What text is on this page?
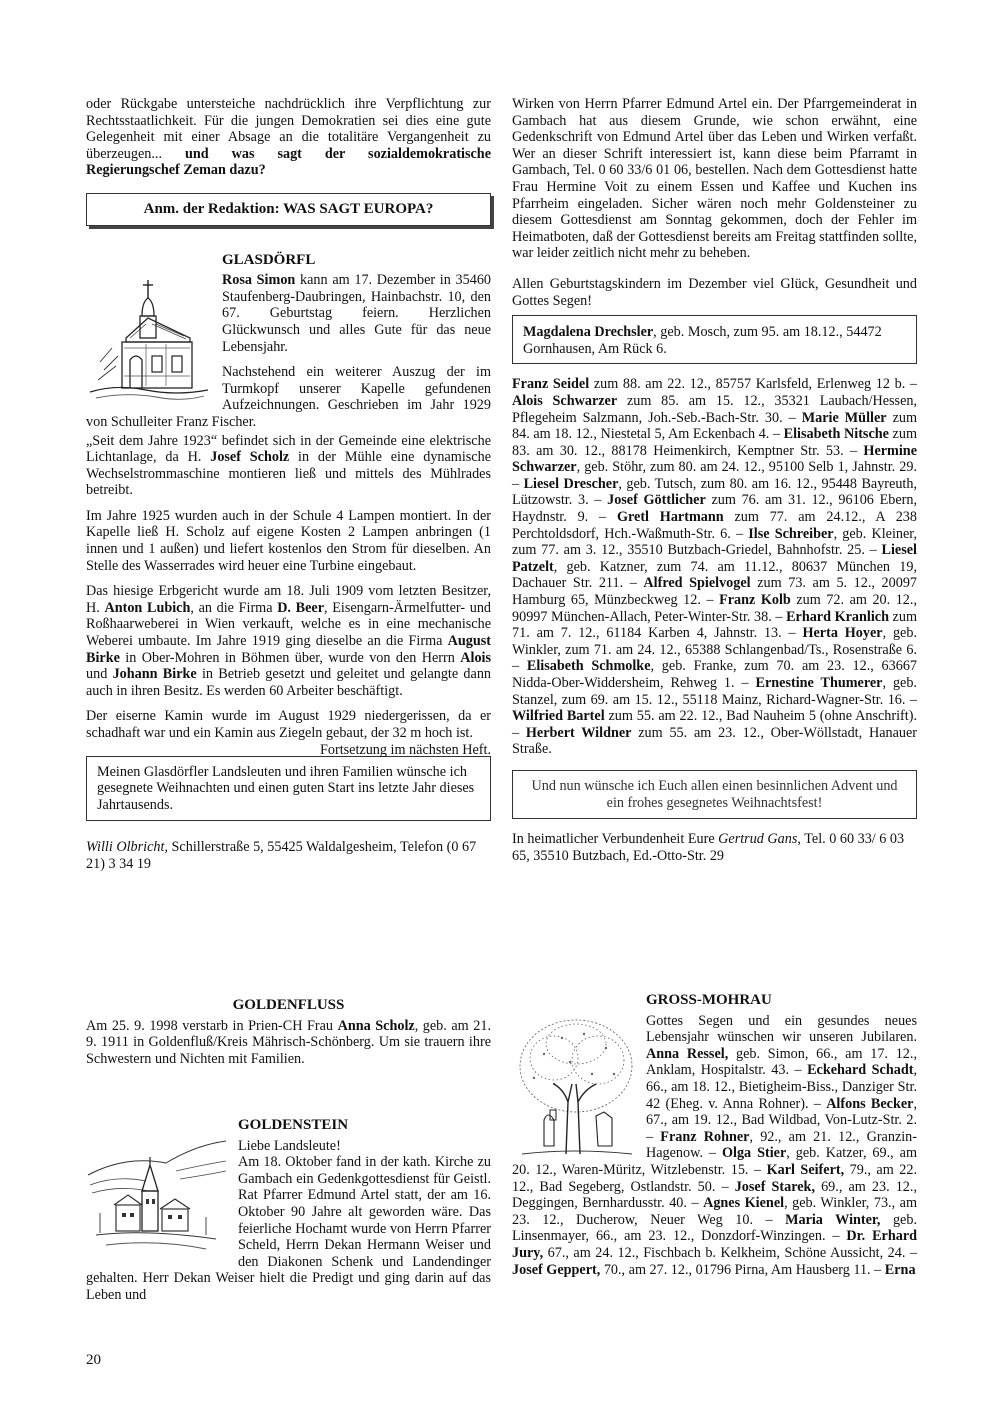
oder Rückgabe untersteiche nachdrücklich ihre Verpflichtung zur Rechtsstaatlichkeit. Für die jungen Demokratien sei dies eine gute Gelegenheit mit einer Absage an die totalitäre Vergangenheit zu überzeugen... und was sagt der sozialdemokratische Regierungschef Zeman dazu?

Anm. der Redaktion: WAS SAGT EUROPA?
GLASDÖRFL

Rosa Simon kann am 17. Dezember in 35460 Staufenberg-Daubringen, Hainbachstr. 10, den 67. Geburtstag feiern. Herzlichen Glückwunsch und alles Gute für das neue Lebensjahr.

Nachstehend ein weiterer Auszug der im Turmkopf unserer Kapelle gefundenen Aufzeichnungen. Geschrieben im Jahr 1929 von Schulleiter Franz Fischer.

„Seit dem Jahre 1923“ befindet sich in der Gemeinde eine elektrische Lichtanlage, da H. Josef Scholz in der Mühle eine dynamische Wechselstrommaschine montieren ließ und mittels des Mühlrades betreibt.

Im Jahre 1925 wurden auch in der Schule 4 Lampen montiert. In der Kapelle ließ H. Scholz auf eigene Kosten 2 Lampen anbringen (1 innen und 1 außen) und liefert kostenlos den Strom für dieselben. An Stelle des Wasserrades wird heuer eine Turbine eingebaut.

Das hiesige Erbgericht wurde am 18. Juli 1909 vom letzten Besitzer, H. Anton Lubich, an die Firma D. Beer, Eisengarn-Ärmelfutter- und Roßhaarweberei in Wien verkauft, welche es in eine mechanische Weberei umbaute. Im Jahre 1919 ging dieselbe an die Firma August Birke in Ober-Mohren in Böhmen über, wurde von den Herrn Alois und Johann Birke in Betrieb gesetzt und geleitet und gelangte dann auch in ihren Besitz. Es werden 60 Arbeiter beschäftigt.

Der eiserne Kamin wurde im August 1929 niedergerissen, da er schadhaft war und ein Kamin aus Ziegeln gebaut, der 32 m hoch ist.
Fortsetzung im nächsten Heft.

Meinen Glasdörfler Landsleuten und ihren Familien wünsche ich gesegnete Weihnachten und einen guten Start ins letzte Jahr dieses Jahrtausends.

Willi Olbricht, Schillerstraße 5, 55425 Waldalgesheim, Telefon (0 67 21) 3 34 19

GOLDENFLUSS

Am 25. 9. 1998 verstarb in Prien-CH Frau Anna Scholz, geb. am 21. 9. 1911 in Goldenfluß/Kreis Mährisch-Schönberg. Um sie trauern ihre Schwestern und Nichten mit Familien.

GOLDENSTEIN

Liebe Landsleute!

Am 18. Oktober fand in der kath. Kirche zu Gambach ein Gedenkgottesdienst für Geistl. Rat Pfarrer Edmund Artel statt, der am 16. Oktober 90 Jahre alt geworden wäre. Das feierliche Hochamt wurde von Herrn Pfarrer Scheld, Herrn Dekan Hermann Weiser und den Diakonen Schenk und Landendinger gehalten. Herr Dekan Weiser hielt die Predigt und ging darin auf das Leben und

Wirken von Herrn Pfarrer Edmund Artel ein. Der Pfarrgemeinderat in Gambach hat aus diesem Grunde, wie schon erwähnt, eine Gedenkschrift von Edmund Artel über das Leben und Wirken verfaßt. Wer an dieser Schrift interessiert ist, kann diese beim Pfarramt in Gambach, Tel. 0 60 33/6 01 06, bestellen. Nach dem Gottesdienst hatte Frau Hermine Voit zu einem Essen und Kaffee und Kuchen ins Pfarrheim eingeladen. Sicher wären noch mehr Goldensteiner zu diesem Gottesdienst am Sonntag gekommen, doch der Fehler im Heimatboten, daß der Gottesdienst bereits am Freitag stattfinden sollte, war leider zeitlich nicht mehr zu beheben.

Allen Geburtstagskindern im Dezember viel Glück, Gesundheit und Gottes Segen!

Magdalena Drechsler, geb. Mosch, zum 95. am 18.12., 54472 Gornhausen, Am Rück 6.

Franz Seidel zum 88. am 22. 12., 85757 Karlsfeld, Erlenweg 12 b. – Alois Schwarzer zum 85. am 15. 12., 35321 Laubach/Hessen, Pflegeheim Salzmann, Joh.-Seb.-Bach-Str. 30. – Marie Müller zum 84. am 18. 12., Niestetal 5, Am Eckenbach 4. – Elisabeth Nitsche zum 83. am 30. 12., 88178 Heimenkirch, Kemptner Str. 53. – Hermine Schwarzer, geb. Stöhr, zum 80. am 24. 12., 95100 Selb 1, Jahnstr. 29. – Liesel Drescher, geb. Tutsch, zum 80. am 16. 12., 95448 Bayreuth, Lützowstr. 3. – Josef Göttlicher zum 76. am 31. 12., 96106 Ebern, Haydnstr. 9. – Gretl Hartmann zum 77. am 24.12., A 238 Perchtoldsdorf, Hch.-Waßmuth-Str. 6. – Ilse Schreiber, geb. Kleiner, zum 77. am 3. 12., 35510 Butzbach-Griedel, Bahnhofstr. 25. – Liesel Patzelt, geb. Katzner, zum 74. am 11.12., 80637 München 19, Dachauer Str. 211. – Alfred Spielvogel zum 73. am 5. 12., 20097 Hamburg 65, Münzbeckweg 12. – Franz Kolb zum 72. am 20. 12., 90997 München-Allach, Peter-Winter-Str. 38. – Erhard Kranlich zum 71. am 7. 12., 61184 Karben 4, Jahnstr. 13. – Herta Hoyer, geb. Winkler, zum 71. am 24. 12., 65388 Schlangenbad/Ts., Rosenstraße 6. – Elisabeth Schmolke, geb. Franke, zum 70. am 23. 12., 63667 Nidda-Ober-Widdersheim, Rehweg 1. – Ernestine Thumerer, geb. Stanzel, zum 69. am 15. 12., 55118 Mainz, Richard-Wagner-Str. 16. – Wilfried Bartel zum 55. am 22. 12., Bad Nauheim 5 (ohne Anschrift). – Herbert Wildner zum 55. am 23. 12., Ober-Wöllstadt, Hanauer Straße.

Und nun wünsche ich Euch allen einen besinnlichen Advent und ein frohes gesegnetes Weihnachtsfest!

In heimatlicher Verbundenheit Eure Gertrud Gans, Tel. 0 60 33/ 6 03 65, 35510 Butzbach, Ed.-Otto-Str. 29

GROSS-MOHRAU

Gottes Segen und ein gesundes neues Lebensjahr wünschen wir unseren Jubilaren. Anna Ressel, geb. Simon, 66., am 17. 12., Anklam, Hospitalstr. 43. – Eckehard Schadt, 66., am 18. 12., Bietigheim-Biss., Danziger Str. 42 (Eheg. v. Anna Rohner). – Alfons Becker, 67., am 19. 12., Bad Wildbad, Von-Lutz-Str. 2. – Franz Rohner, 92., am 21. 12., Granzin-Hagenow. – Olga Stier, geb. Katzer, 69., am 20. 12., Waren-Müritz, Witzlebenstr. 15. – Karl Seifert, 79., am 22. 12., Bad Segeberg, Ostlandstr. 50. – Josef Starek, 69., am 23. 12., Deggingen, Bernhardusstr. 40. – Agnes Kienel, geb. Winkler, 73., am 23. 12., Ducherow, Neuer Weg 10. – Maria Winter, geb. Linsenmayer, 66., am 23. 12., Donzdorf-Winzingen. – Dr. Erhard Jury, 67., am 24. 12., Fischbach b. Kelkheim, Schöne Aussicht, 24. – Josef Geppert, 70., am 27. 12., 01796 Pirna, Am Hausberg 11. – Erna

20
